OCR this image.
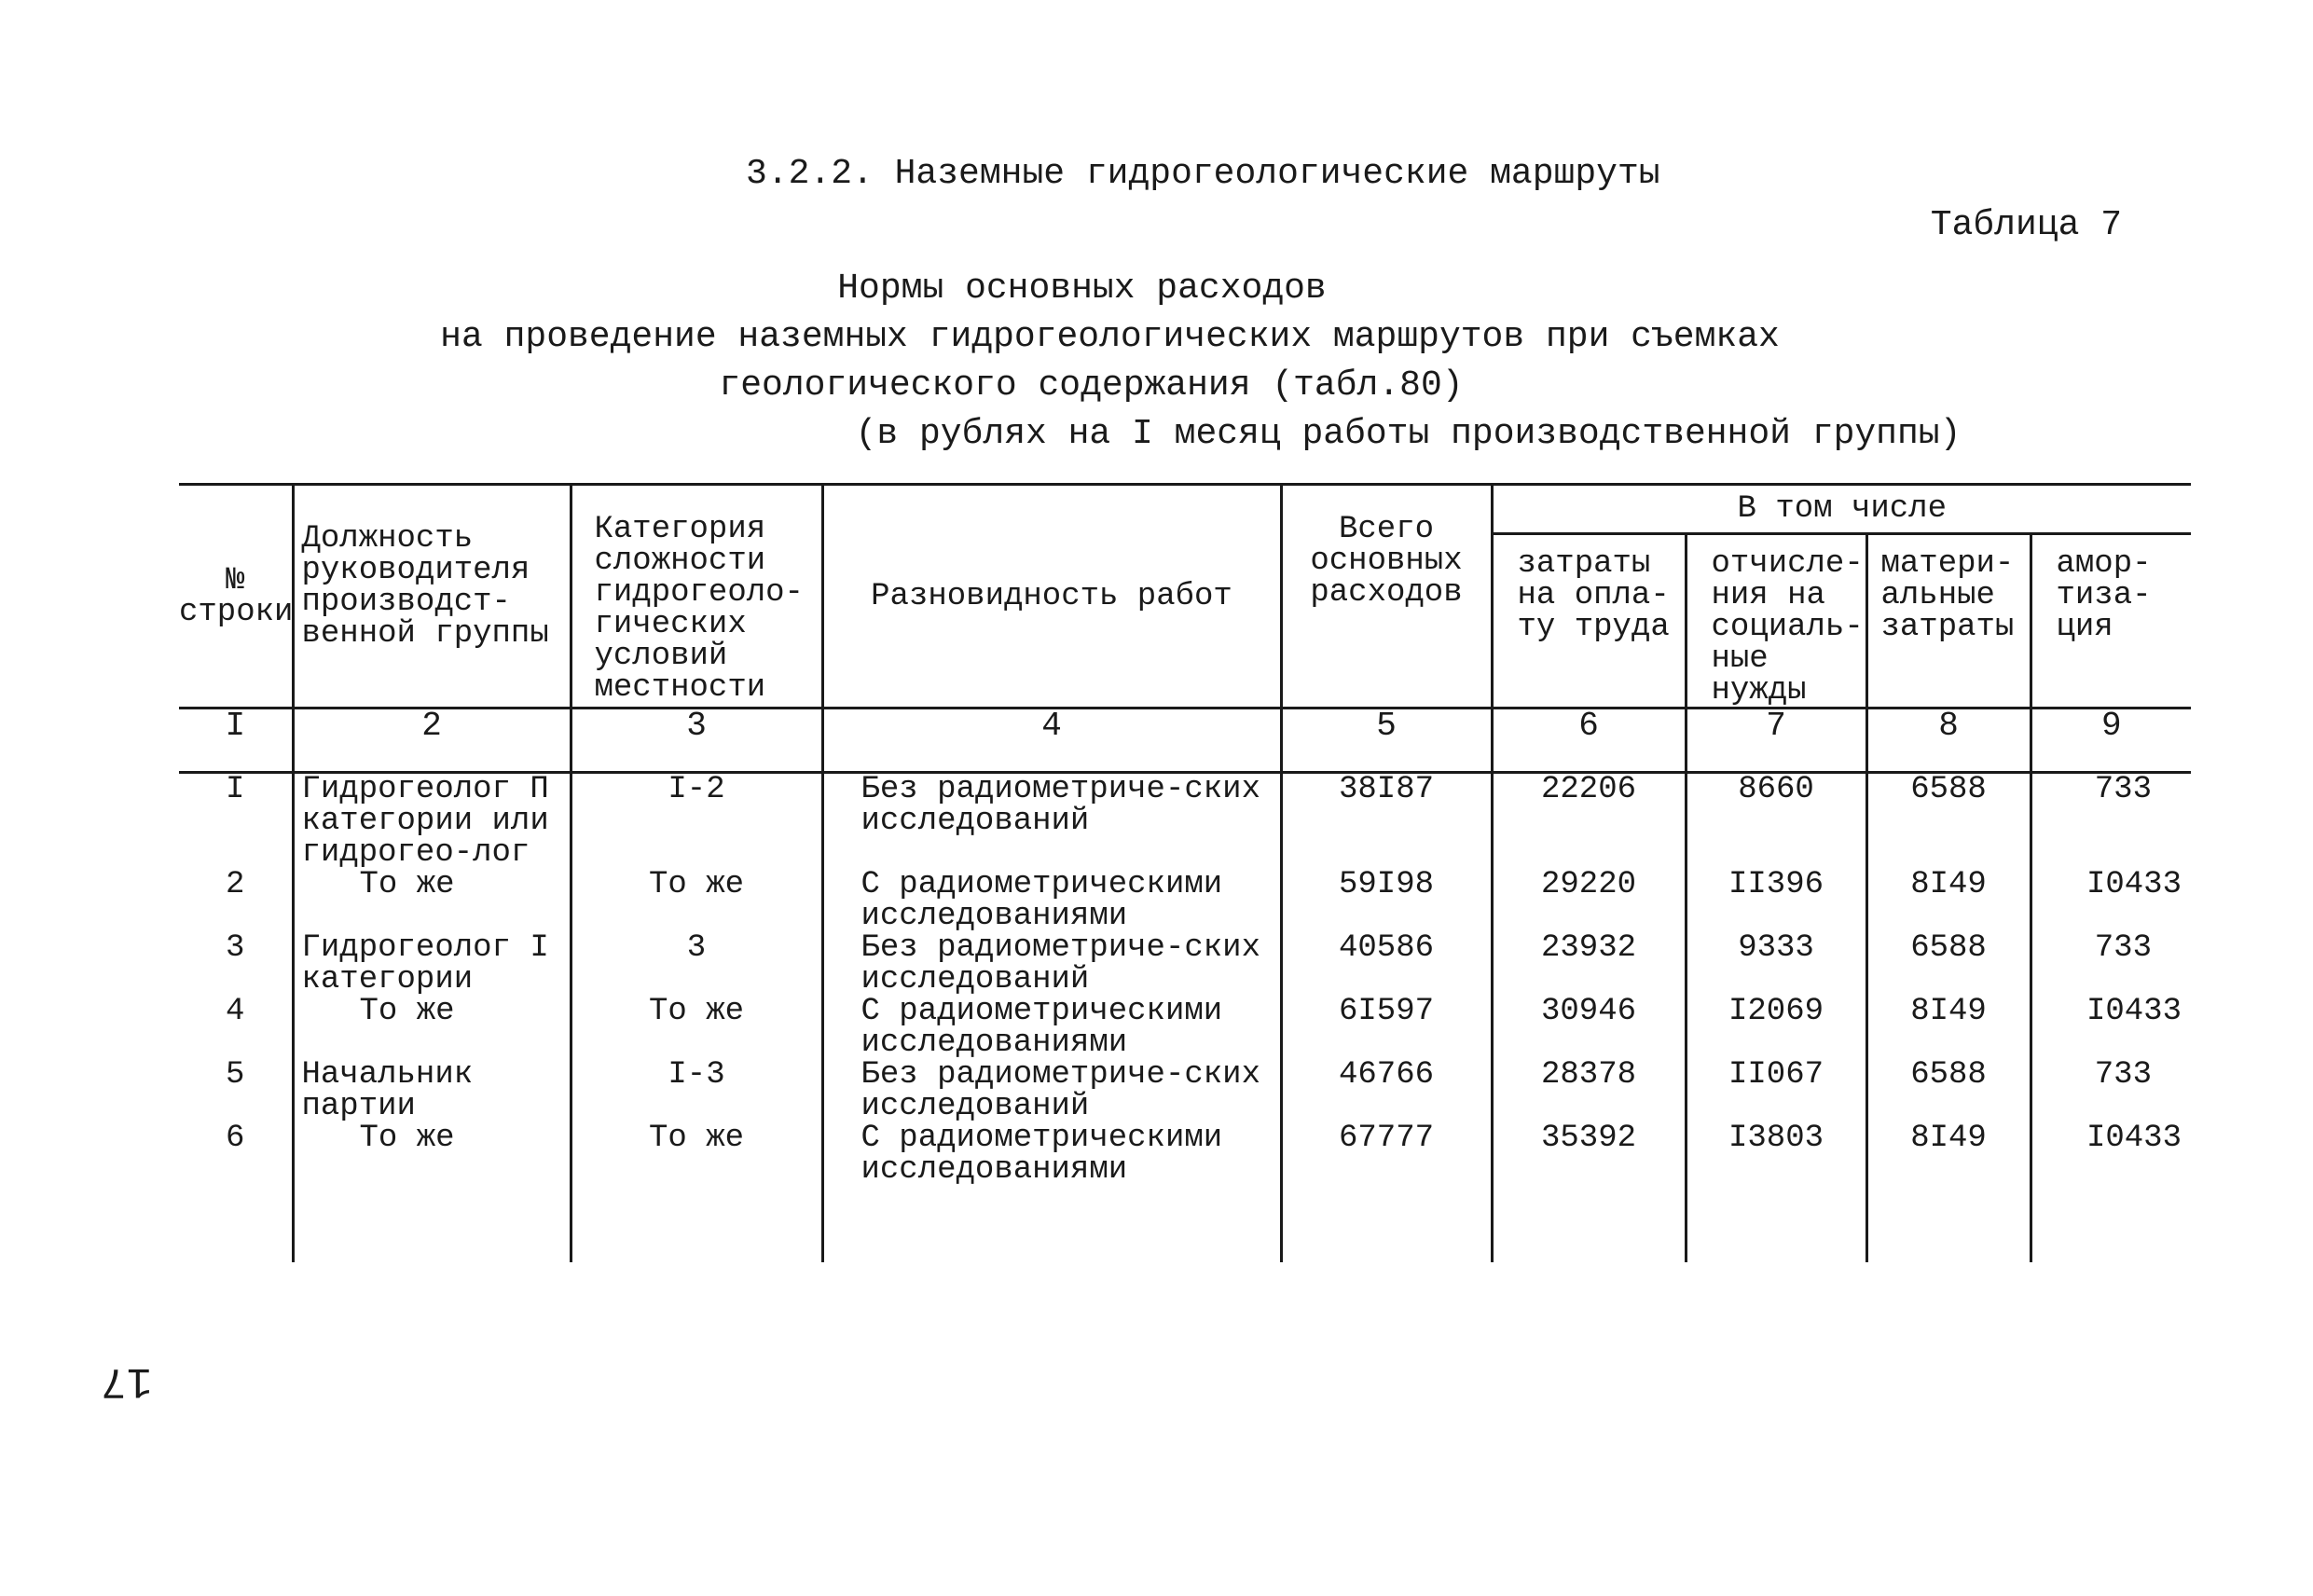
3.2.2. Наземные гидрогеологические маршруты
Таблица 7
Нормы основных расходов
на проведение наземных гидрогеологических маршрутов при съемках
геологического содержания (табл.80)
(в рублях на I месяц работы производственной группы)
№ строки	Должность руководителя производст-венной группы	Категория сложности гидрогеоло-гических условий местности	Разновидность работ	Всего основных расходов	В том числе			
					затраты на опла-ту труда	отчисле-ния на социаль-ные нужды	матери-альные затраты	амор-тиза-ция
I	2	3	4	5	6	7	8	9
I	Гидрогеолог П категории или гидрогео-лог	I-2	Без радиометриче-ских исследований	38I87	22206	8660	6588	733
2	То же	То же	С радиометрическими исследованиями	59I98	29220	II396	8I49	I0433
3	Гидрогеолог I категории	3	Без радиометриче-ских исследований	40586	23932	9333	6588	733
4	То же	То же	С радиометрическими исследованиями	6I597	30946	I2069	8I49	I0433
5	Начальник партии	I-3	Без радиометриче-ских исследований	46766	28378	II067	6588	733
6	То же	То же	С радиометрическими исследованиями	67777	35392	I3803	8I49	I0433
17
